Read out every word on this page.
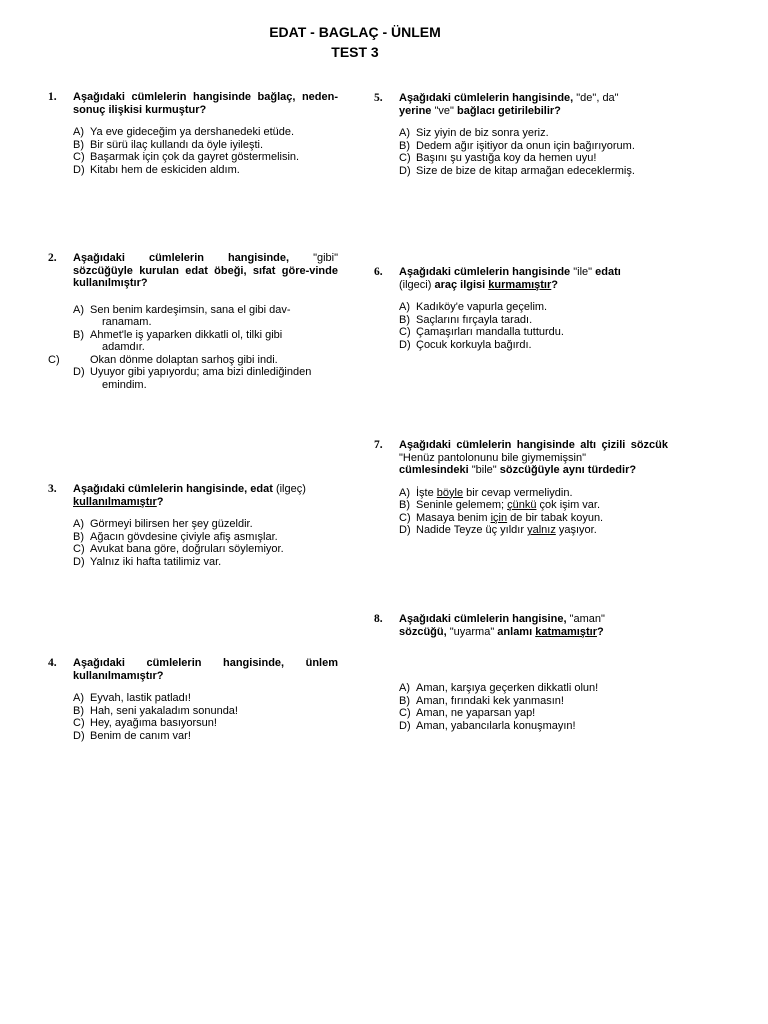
EDAT - BAGLAÇ - ÜNLEM
TEST 3
1. Aşağıdaki cümlelerin hangisinde bağlaç, neden-sonuç ilişkisi kurmuştur?
A) Ya eve gideceğim ya dershanedeki etüde.
B) Bir sürü ilaç kullandı da öyle iyileşti.
C) Başarmak için çok da gayret göstermelisin.
D) Kitabı hem de eskiciden aldım.
2. Aşağıdaki cümlelerin hangisinde, "gibi" sözcüğüyle kurulan edat öbeği, sıfat göre-vinde kullanılmıştır?
A) Sen benim kardeşimsin, sana el gibi dav-
ranamam.
B) Ahmet'le iş yaparken dikkatli ol, tilki gibi
adamdır.
C)	Okan dönme dolaptan sarhoş gibi indi.
D) Uyuyor gibi yapıyordu; ama bizi dinlediğinden
emindim.
3. Aşağıdaki cümlelerin hangisinde, edat (ilgeç)
kullanılmamıştır?
A) Görmeyi bilirsen her şey güzeldir.
B) Ağacın gövdesine çiviyle afiş asmışlar.
C) Avukat bana göre, doğruları söylemiyor.
D) Yalnız iki hafta tatilimiz var.
4. Aşağıdaki cümlelerin hangisinde, ünlem kullanılmamıştır?
A) Eyvah, lastik patladı!
B) Hah, seni yakaladım sonunda!
C) Hey, ayağıma basıyorsun!
D) Benim de canım var!
5. Aşağıdaki cümlelerin hangisinde, "de", da"
yerine "ve" bağlacı getirilebilir?
A) Siz yiyin de biz sonra yeriz.
B) Dedem ağır işitiyor da onun için bağırıyorum.
C) Başını şu yastığa koy da hemen uyu!
D) Size de bize de kitap armağan edeceklermiş.
6. Aşağıdaki cümlelerin hangisinde "ile" edatı
(ilgeci) araç ilgisi kurmamıştır?
A) Kadıköy'e vapurla geçelim.
B) Saçlarını fırçayla taradı.
C) Çamaşırları mandalla tutturdu.
D) Çocuk korkuyla bağırdı.
7. Aşağıdaki cümlelerin hangisinde altı çizili sözcük "Henüz pantolonunu bile giymemişsin"
cümlesindeki "bile" sözcüğüyle aynı türdedir?
A) İşte böyle bir cevap vermeliydin.
B) Seninle gelemem; çünkü çok işim var.
C) Masaya benim için de bir tabak koyun.
D) Nadide Teyze üç yıldır yalnız yaşıyor.
8. Aşağıdaki cümlelerin hangisine, "aman"
sözcüğü, "uyarma" anlamı katmamıştır?
A) Aman, karşıya geçerken dikkatli olun!
B) Aman, fırındaki kek yanmasın!
C) Aman, ne yaparsan yap!
D) Aman, yabancılarla konuşmayın!
